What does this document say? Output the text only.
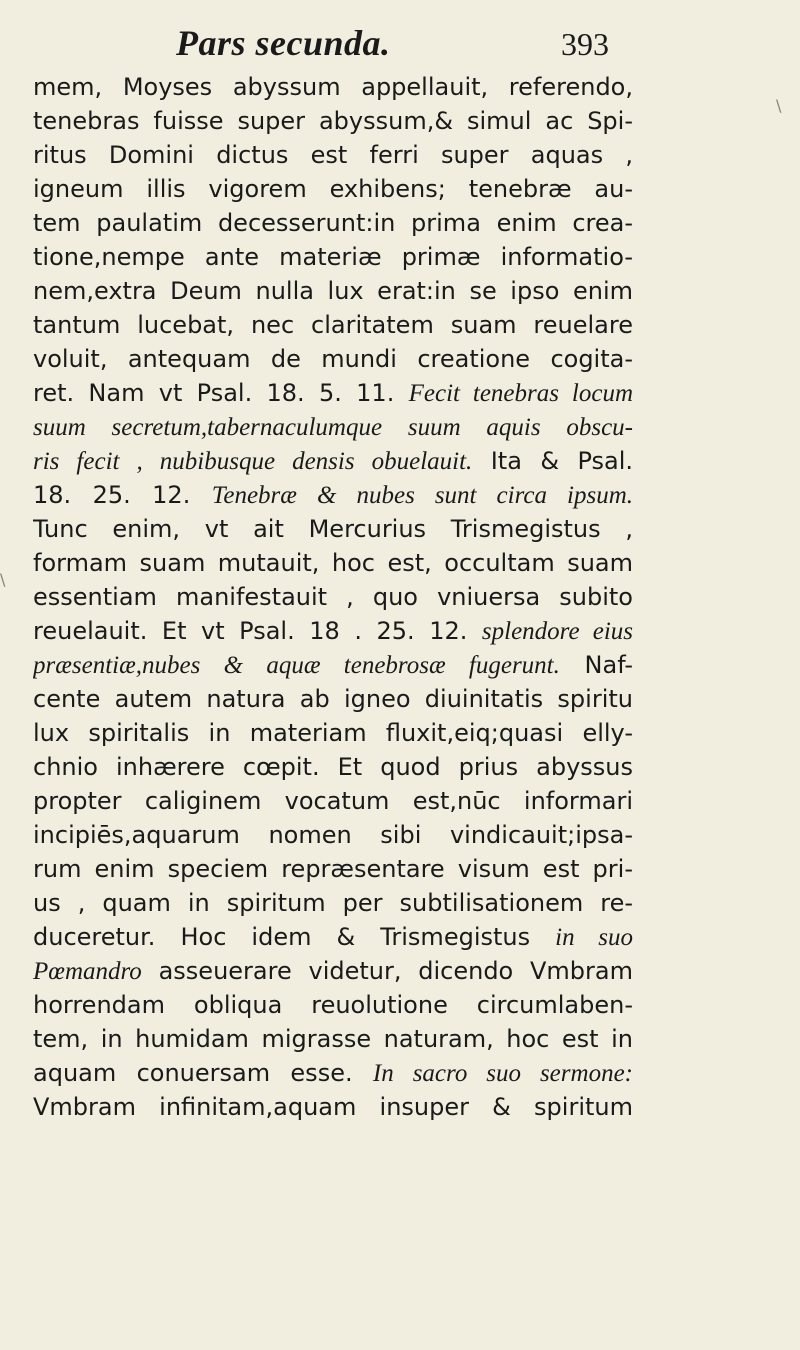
Pars secunda.	393
mem, Moyses abyssum appellauit, referendo,
tenebras fuisse super abyssum,& simul ac Spi-
ritus Domini dictus est ferri super aquas ,
igneum illis vigorem exhibens; tenebræ au-
tem paulatim decesserunt:in prima enim crea-
tione,nempe ante materiæ primæ informatio-
nem,extra Deum nulla lux erat:in se ipso enim
tantum lucebat, nec claritatem suam reuelare
voluit, antequam de mundi creatione cogita-
ret. Nam vt Psal. 18. 5. 11. Fecit tenebras locum
suum secretum,tabernaculumque suum aquis obscu-
ris fecit , nubibusque densis obuelauit. Ita & Psal.
18. 25. 12. Tenebræ & nubes sunt circa ipsum.
Tunc enim, vt ait Mercurius Trismegistus ,
formam suam mutauit, hoc est, occultam suam
essentiam manifestauit , quo vniuersa subito
reuelauit. Et vt Psal. 18 . 25. 12. splendore eius
præsentiæ,nubes & aquæ tenebrosæ fugerunt. Naf-
cente autem natura ab igneo diuinitatis spiritu
lux spiritalis in materiam fluxit,eiq;quasi elly-
chnio inhærere cœpit. Et quod prius abyssus
propter caliginem vocatum est,nūc informari
incipiēs,aquarum nomen sibi vindicauit;ipsa-
rum enim speciem repræsentare visum est pri-
us , quam in spiritum per subtilisationem re-
duceretur. Hoc idem & Trismegistus in suo
Pœmandro asseuerare videtur, dicendo Vmbram
horrendam obliqua reuolutione circumlaben-
tem, in humidam migrasse naturam, hoc est in
aquam conuersam esse. In sacro suo sermone:
Vmbram infinitam,aquam insuper & spiritum
\
\
